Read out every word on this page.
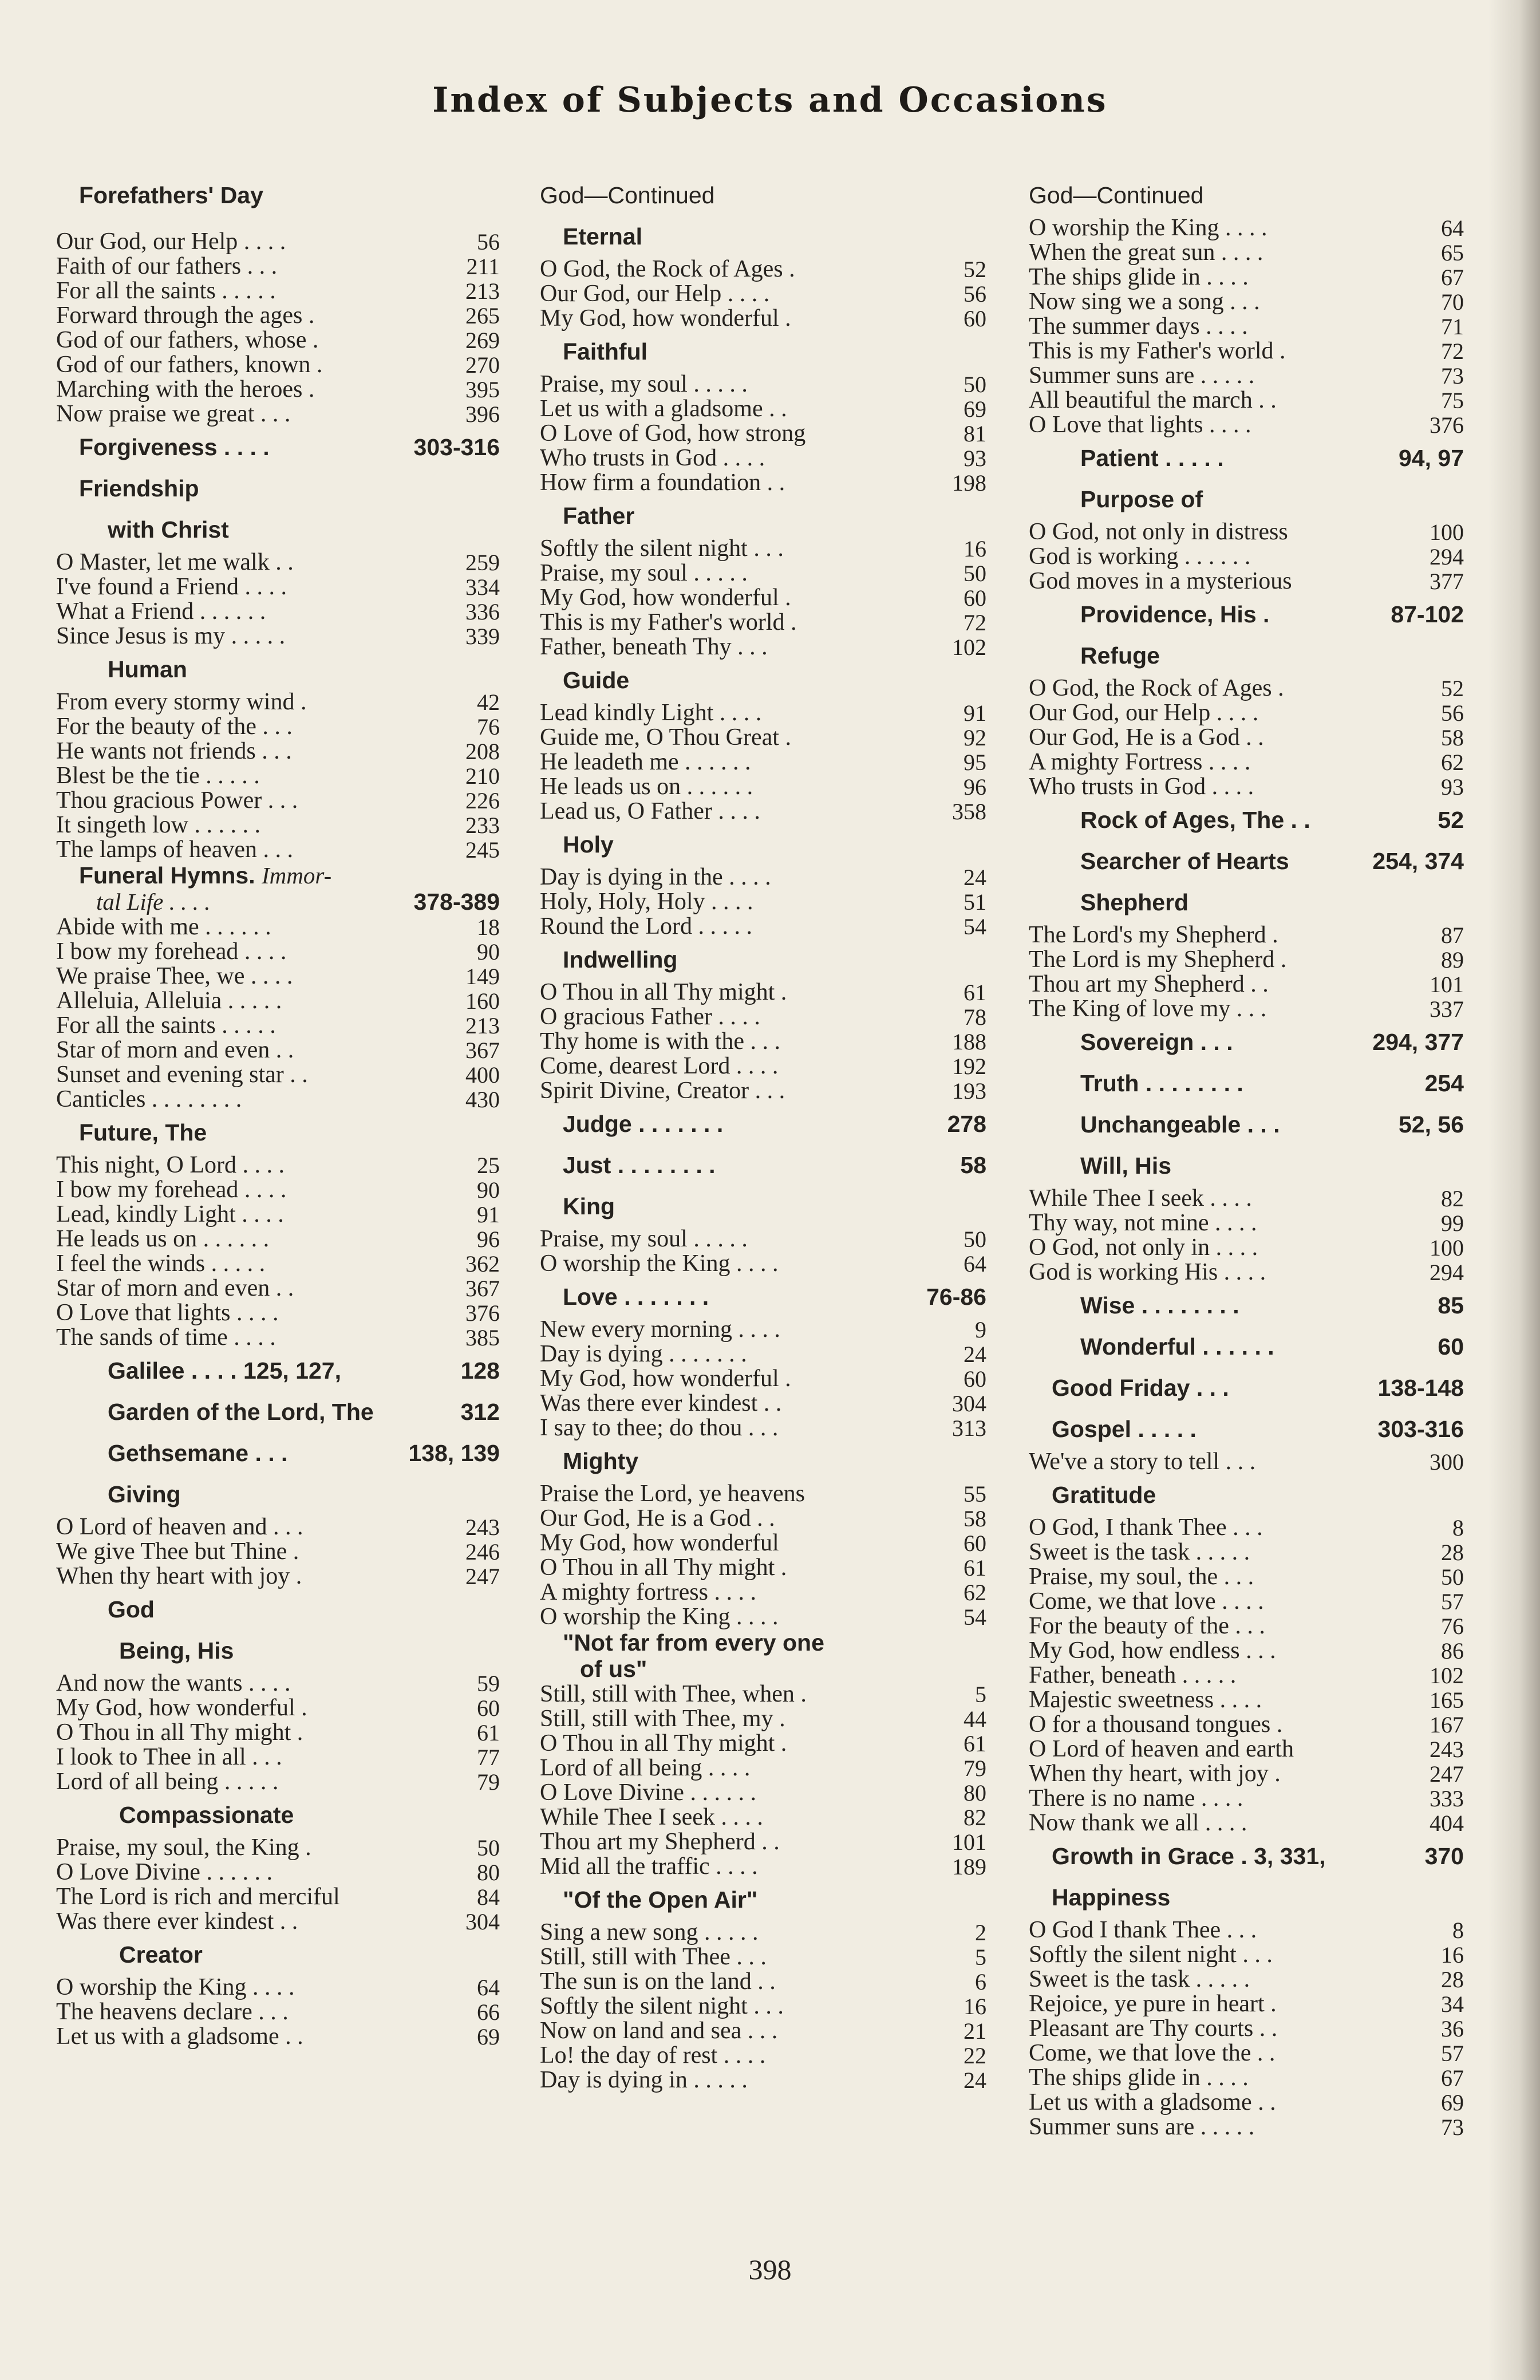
Index of Subjects and Occasions
Forefathers' Day
Our God, our Help . . . .	56
Faith of our fathers . . .	211
For all the saints . . . . .	213
Forward through the ages .	265
God of our fathers, whose .	269
God of our fathers, known .	270
Marching with the heroes .	395
Now praise we great . . .	396
Forgiveness . . . .	303-316
Friendship
with Christ
O Master, let me walk . .	259
I've found a Friend . . . .	334
What a Friend . . . . . .	336
Since Jesus is my . . . . .	339
Human
From every stormy wind .	42
For the beauty of the . . .	76
He wants not friends . . .	208
Blest be the tie . . . . .	210
Thou gracious Power . . .	226
It singeth low . . . . . .	233
The lamps of heaven . . .	245
Funeral Hymns. Immor-
tal Life . . . .	378-389
Abide with me . . . . . .	18
I bow my forehead . . . .	90
We praise Thee, we . . . .	149
Alleluia, Alleluia . . . . .	160
For all the saints . . . . .	213
Star of morn and even . .	367
Sunset and evening star . .	400
Canticles . . . . . . . .	430
Future, The
This night, O Lord . . . .	25
I bow my forehead . . . .	90
Lead, kindly Light . . . .	91
He leads us on . . . . . .	96
I feel the winds . . . . .	362
Star of morn and even . .	367
O Love that lights . . . .	376
The sands of time . . . .	385
Galilee . . . . 125, 127,	128
Garden of the Lord, The	312
Gethsemane . . .	138, 139
Giving
O Lord of heaven and . . .	243
We give Thee but Thine .	246
When thy heart with joy .	247
God
Being, His
And now the wants . . . .	59
My God, how wonderful .	60
O Thou in all Thy might .	61
I look to Thee in all . . .	77
Lord of all being . . . . .	79
Compassionate
Praise, my soul, the King .	50
O Love Divine . . . . . .	80
The Lord is rich and merciful	84
Was there ever kindest . .	304
Creator
O worship the King . . . .	64
The heavens declare . . .	66
Let us with a gladsome . .	69
God—Continued
Eternal
O God, the Rock of Ages .	52
Our God, our Help . . . .	56
My God, how wonderful .	60
Faithful
Praise, my soul . . . . .	50
Let us with a gladsome . .	69
O Love of God, how strong	81
Who trusts in God . . . .	93
How firm a foundation . .	198
Father
Softly the silent night . . .	16
Praise, my soul . . . . .	50
My God, how wonderful .	60
This is my Father's world .	72
Father, beneath Thy . . .	102
Guide
Lead kindly Light . . . .	91
Guide me, O Thou Great .	92
He leadeth me . . . . . .	95
He leads us on . . . . . .	96
Lead us, O Father . . . .	358
Holy
Day is dying in the . . . .	24
Holy, Holy, Holy . . . .	51
Round the Lord . . . . .	54
Indwelling
O Thou in all Thy might .	61
O gracious Father . . . .	78
Thy home is with the . . .	188
Come, dearest Lord . . . .	192
Spirit Divine, Creator . . .	193
Judge . . . . . . .	278
Just . . . . . . . .	58
King
Praise, my soul . . . . .	50
O worship the King . . . .	64
Love . . . . . . .	76-86
New every morning . . . .	9
Day is dying . . . . . . .	24
My God, how wonderful .	60
Was there ever kindest . .	304
I say to thee; do thou . . .	313
Mighty
Praise the Lord, ye heavens	55
Our God, He is a God . .	58
My God, how wonderful	60
O Thou in all Thy might .	61
A mighty fortress . . . .	62
O worship the King . . . .	54
"Not far from every one
of us"
Still, still with Thee, when .	5
Still, still with Thee, my .	44
O Thou in all Thy might .	61
Lord of all being . . . .	79
O Love Divine . . . . . .	80
While Thee I seek . . . .	82
Thou art my Shepherd . .	101
Mid all the traffic . . . .	189
"Of the Open Air"
Sing a new song . . . . .	2
Still, still with Thee . . .	5
The sun is on the land . .	6
Softly the silent night . . .	16
Now on land and sea . . .	21
Lo! the day of rest . . . .	22
Day is dying in . . . . .	24
God—Continued
O worship the King . . . .	64
When the great sun . . . .	65
The ships glide in . . . .	67
Now sing we a song . . .	70
The summer days . . . .	71
This is my Father's world .	72
Summer suns are . . . . .	73
All beautiful the march . .	75
O Love that lights . . . .	376
Patient . . . . .	94, 97
Purpose of
O God, not only in distress	100
God is working . . . . . .	294
God moves in a mysterious	377
Providence, His .	87-102
Refuge
O God, the Rock of Ages .	52
Our God, our Help . . . .	56
Our God, He is a God . .	58
A mighty Fortress . . . .	62
Who trusts in God . . . .	93
Rock of Ages, The . .	52
Searcher of Hearts	254, 374
Shepherd
The Lord's my Shepherd .	87
The Lord is my Shepherd .	89
Thou art my Shepherd . .	101
The King of love my . . .	337
Sovereign . . .	294, 377
Truth . . . . . . . .	254
Unchangeable . . .	52, 56
Will, His
While Thee I seek . . . .	82
Thy way, not mine . . . .	99
O God, not only in . . . .	100
God is working His . . . .	294
Wise . . . . . . . .	85
Wonderful . . . . . .	60
Good Friday . . .	138-148
Gospel . . . . .	303-316
We've a story to tell . . .	300
Gratitude
O God, I thank Thee . . .	8
Sweet is the task . . . . .	28
Praise, my soul, the . . .	50
Come, we that love . . . .	57
For the beauty of the . . .	76
My God, how endless . . .	86
Father, beneath . . . . .	102
Majestic sweetness . . . .	165
O for a thousand tongues .	167
O Lord of heaven and earth	243
When thy heart, with joy .	247
There is no name . . . .	333
Now thank we all . . . .	404
Growth in Grace . 3, 331,	370
Happiness
O God I thank Thee . . .	8
Softly the silent night . . .	16
Sweet is the task . . . . .	28
Rejoice, ye pure in heart .	34
Pleasant are Thy courts . .	36
Come, we that love the . .	57
The ships glide in . . . .	67
Let us with a gladsome . .	69
Summer suns are . . . . .	73
398
